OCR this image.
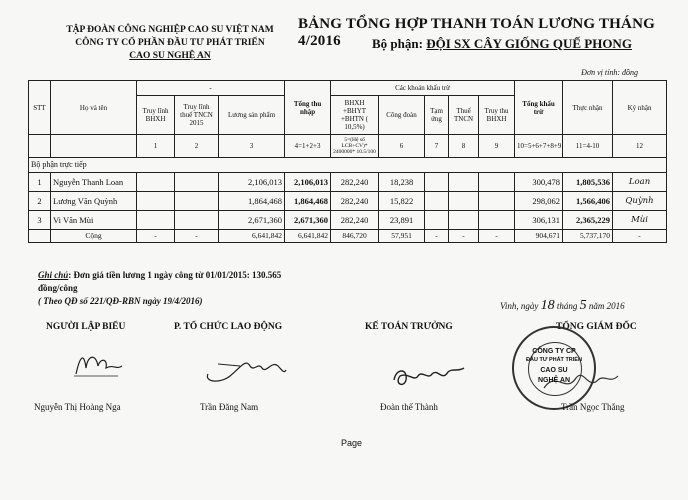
TẬP ĐOÀN CÔNG NGHIỆP CAO SU VIỆT NAM
CÔNG TY CỔ PHẦN ĐẦU TƯ PHÁT TRIỂN
CAO SU NGHỆ AN
BẢNG TỔNG HỢP THANH TOÁN LƯƠNG THÁNG 4/2016	Bộ phận: ĐỘI SX CÂY GIỐNG QUẾ PHONG
Đơn vị tính: đồng
STT	Họ và tên	-			Tổng thu nhập	Các khoản khấu trừ					Tổng khấu trừ	Thực nhận	Ký nhận
		Truy lĩnh BHXH	Truy lĩnh thuế TNCN 2015	Lương sản phẩm		BHXH +BHYT +BHTN ( 10,5%)	Công đoàn	Tạm ứng	Thuế TNCN	Truy thu BHXH			
		1	2	3	4=1+2+3	5=(Hệ số LCB+CV)* 2400000* 10.5/100	6	7	8	9	10=5+6+7+8+9	11=4-10	12
Bộ phận trực tiếp													
1	Nguyễn Thanh Loan			2,106,013	2,106,013	282,240	18,238				300,478	1,805,536	Loan
2	Lương Văn Quỳnh			1,864,468	1,864,468	282,240	15,822				298,062	1,566,406	Quỳnh
3	Vi Văn Mùi			2,671,360	2,671,360	282,240	23,891				306,131	2,365,229	Mùi
	Cộng	-	-	6,641,842	6,641,842	846,720	57,951	-	-	-	904,671	5,737,170	-
Ghi chú: Đơn giá tiền lương 1 ngày công từ 01/01/2015: 130.565
đồng/công
( Theo QĐ số 221/QĐ-RBN ngày 19/4/2016)	Vinh, ngày 18 tháng 5 năm 2016
NGƯỜI LẬP BIỂU	P. TỔ CHỨC LAO ĐỘNG	KẾ TOÁN TRƯỞNG	TỔNG GIÁM ĐỐC
CÔNG TY CP
ĐẦU TƯ PHÁT TRIỂN
CAO SU
NGHỆ AN
Nguyễn Thị Hoàng Nga	Trần Đăng Nam	Đoàn thế Thành	Trần Ngọc Thắng
Page
